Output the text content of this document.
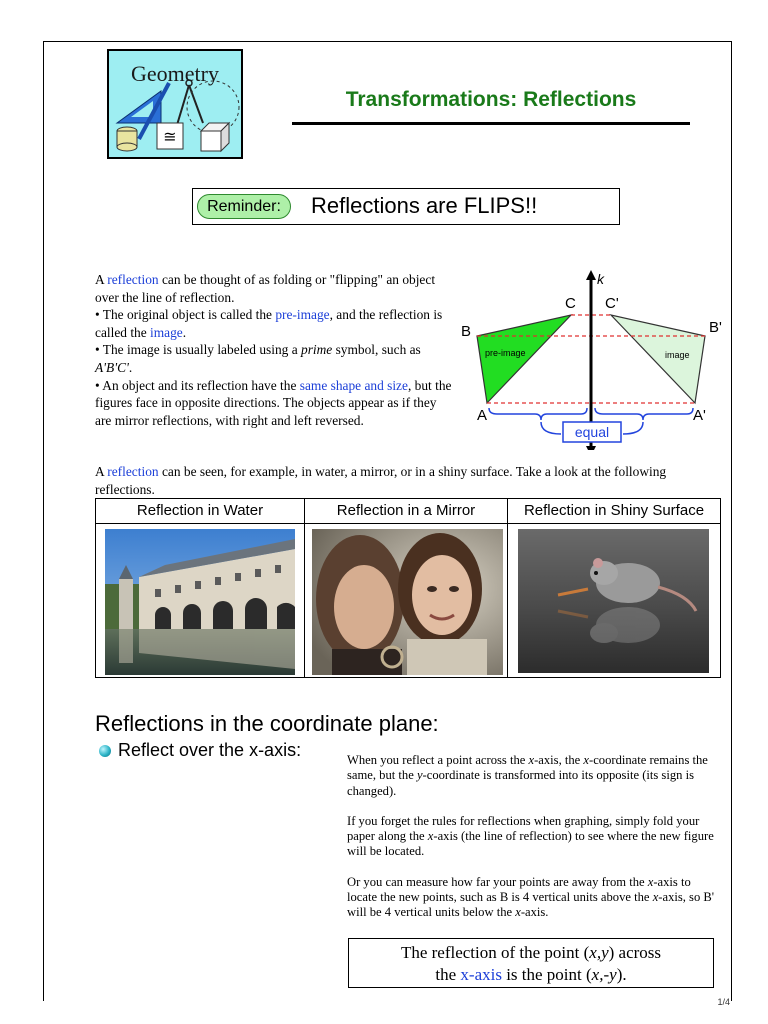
≅
Geometry
Transformations: Reflections
Reminder:	Reflections are FLIPS!!

A reflection can be thought of as folding or "flipping" an object over the line of reflection.

• The original object is called the pre-image, and the reflection is called the image.

• The image is usually labeled using a prime symbol, such as A'B'C'.

• An object and its reflection have the same shape and size, but the figures face in opposite directions. The objects appear as if they are mirror reflections, with right and left reversed.

k
B
C
A
C'
B'
A'
pre-image	image
equal

A reflection can be seen, for example, in water, a mirror, or in a shiny surface. Take a look at the following reflections.

Reflection in Water	Reflection in a Mirror	Reflection in Shiny Surface
Reflections in the coordinate plane:
Reflect over the x-axis:	When you reflect a point across the x-axis, the x-coordinate remains the same, but the y-coordinate is transformed into its opposite (its sign is changed).

If you forget the rules for reflections when graphing, simply fold your paper along the x-axis (the line of reflection) to see where the new figure will be located.

Or you can measure how far your points are away from the x-axis to locate the new points, such as B is 4 vertical units above the x-axis, so B' will be 4 vertical units below the x-axis.

The reflection of the point (x,y) across
the x-axis is the point (x,-y).
1/4
